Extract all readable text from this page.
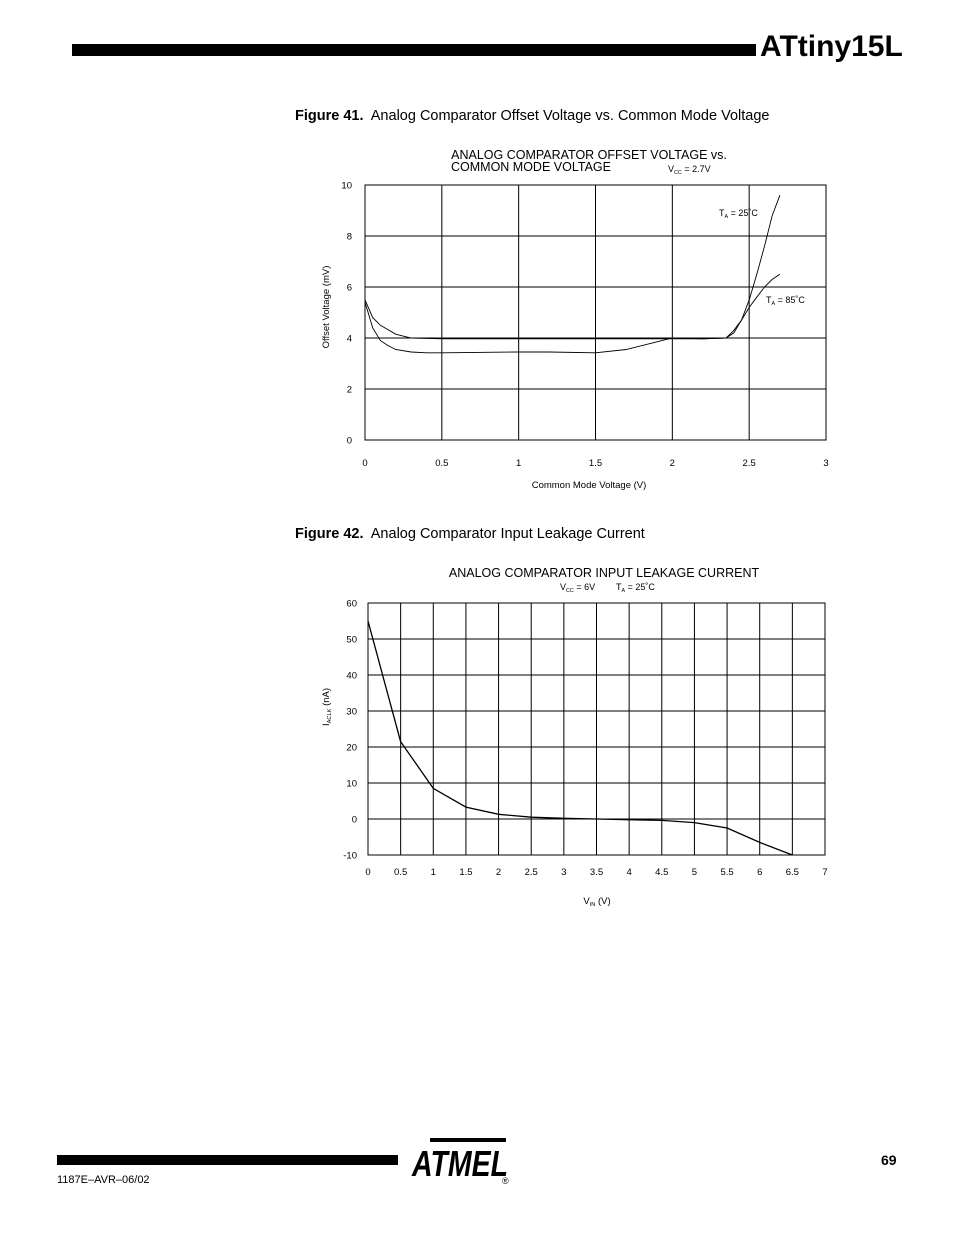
ATtiny15L
Figure 41. Analog Comparator Offset Voltage vs. Common Mode Voltage
ANALOG COMPARATOR OFFSET VOLTAGE vs.
COMMON MODE VOLTAGE	$V_{CC} = 2.7V$
0	0.5	1	1.5	2	2.5	3
0
2
4
6
8
10
Common Mode Voltage (V)
Offset Voltage (mV)
$T_A$ = 25˚C
$T_A$ = 85˚C
Figure 42. Analog Comparator Input Leakage Current
ANALOG COMPARATOR INPUT LEAKAGE CURRENT
$V_{CC} = 6V$ $T_A$ = 25˚C
0 0.5 1 1.5 2 2.5 3 3.5 4 4.5 5 5.5 6 6.5 7
-10
0
10
20
30
40
50
60
$V_{IN}$ (V)
$I_{ACLK}$ (nA)
ATMEL
®
69
1187E–AVR–06/02
